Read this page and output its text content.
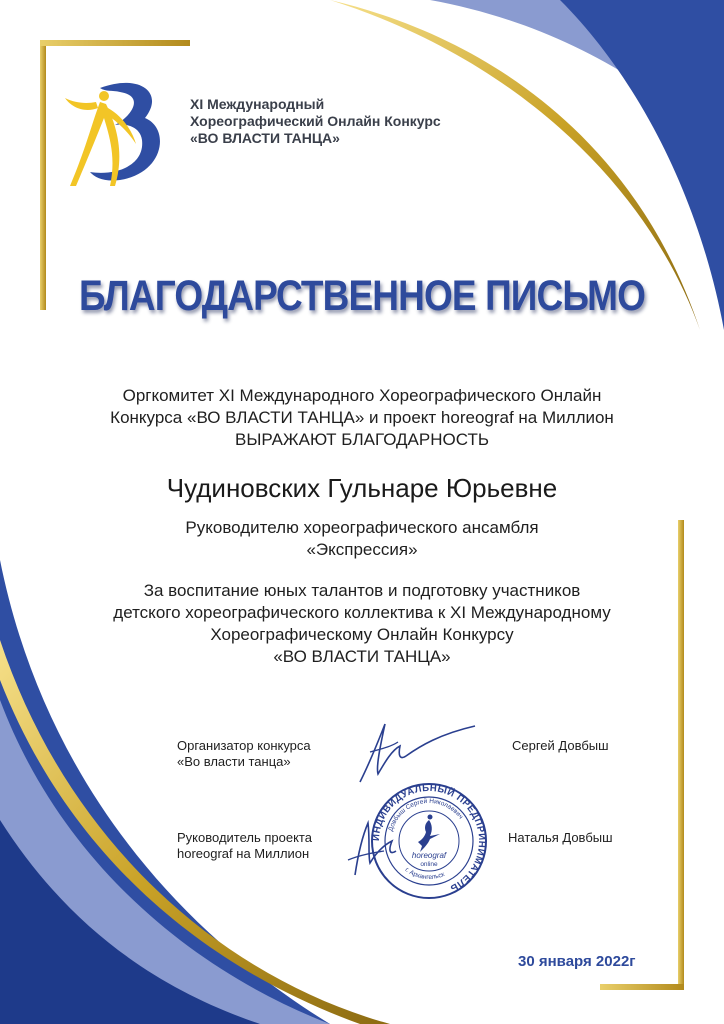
XI Международный
Хореографический Онлайн Конкурс
«ВО ВЛАСТИ ТАНЦА»
БЛАГОДАРСТВЕННОЕ ПИСЬМО
Оргкомитет XI Международного Хореографического Онлайн
Конкурса «ВО ВЛАСТИ ТАНЦА» и проект horeograf на Миллион
ВЫРАЖАЮТ БЛАГОДАРНОСТЬ
Чудиновских Гульнаре Юрьевне
Руководителю хореографического ансамбля
«Экспрессия»
За воспитание юных талантов и подготовку участников
детского хореографического коллектива к XI Международному
Хореографическому Онлайн Конкурсу
«ВО ВЛАСТИ ТАНЦА»
Организатор конкурса
«Во власти танца»
Сергей Довбыш
Руководитель проекта
horeograf на Миллион
Наталья Довбыш
ИНДИВИДУАЛЬНЫЙ ПРЕДПРИНИМАТЕЛЬ
Довбыш Сергей Николаевич
г. Архангельск
horeograf
online
30 января 2022г
